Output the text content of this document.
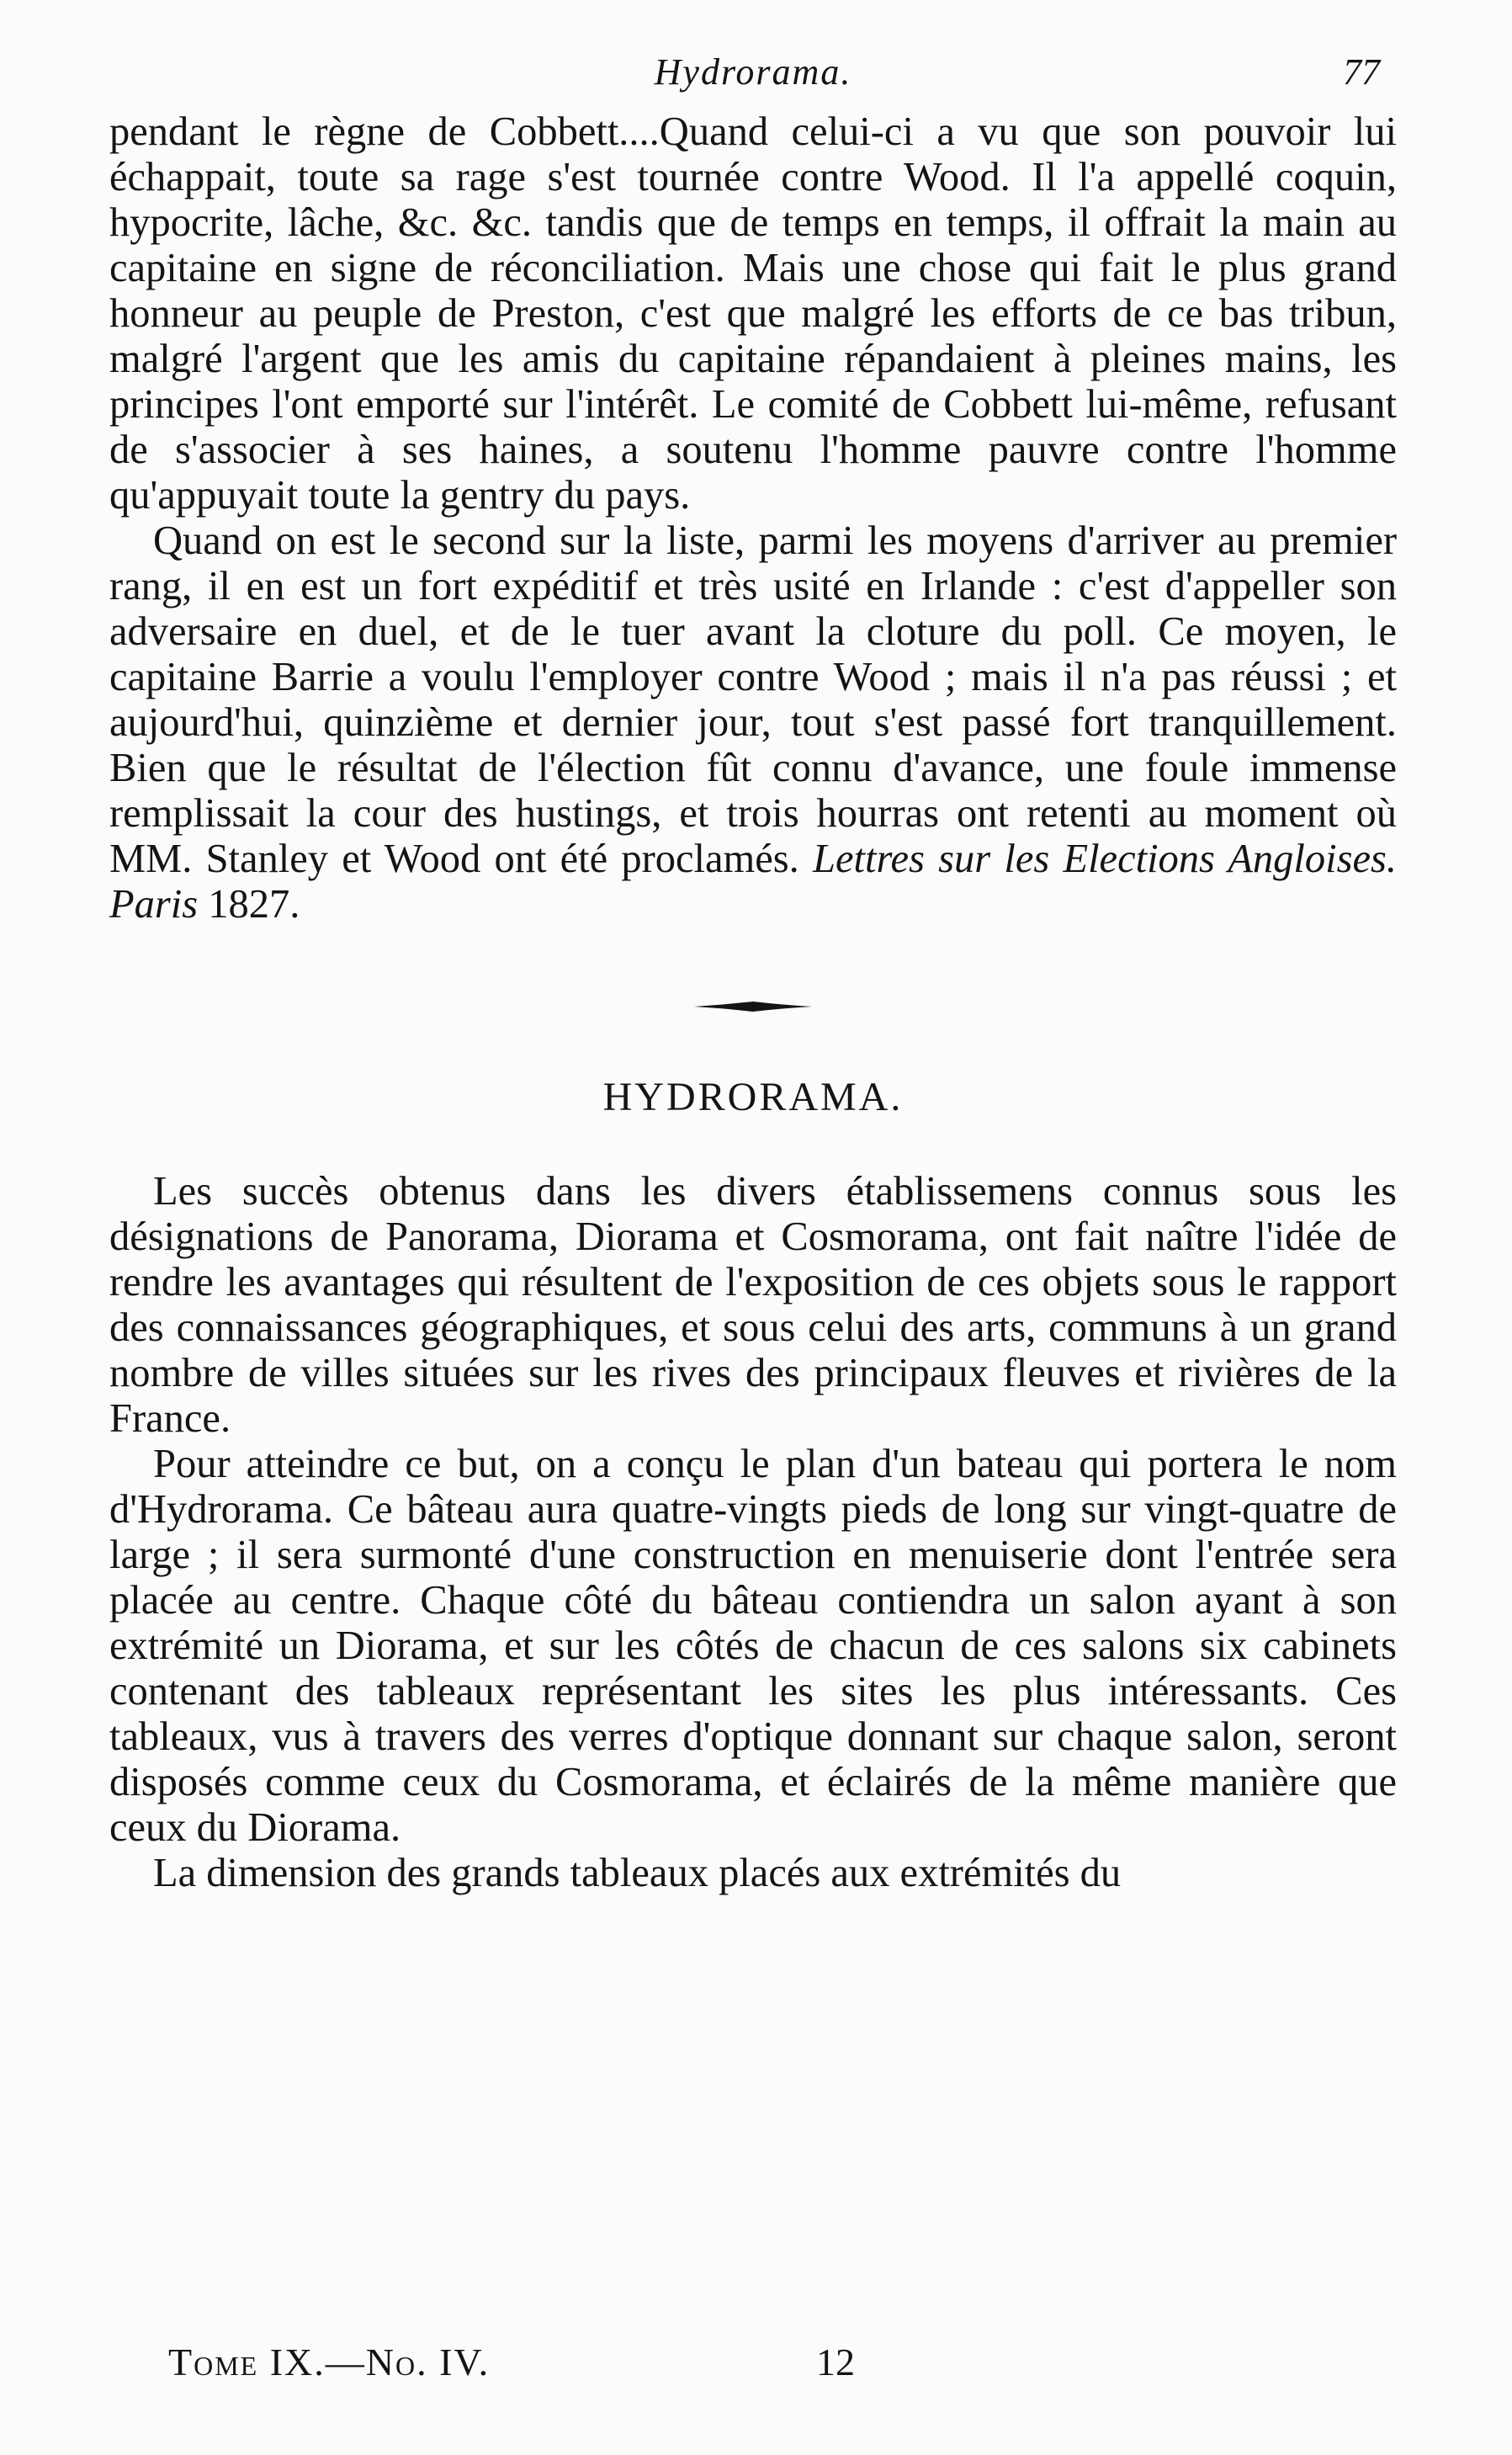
Hydrorama.	77

pendant le règne de Cobbett....Quand celui-ci a vu que son pouvoir lui échappait, toute sa rage s'est tournée contre Wood. Il l'a appellé coquin, hypocrite, lâche, &c. &c. tandis que de temps en temps, il offrait la main au capitaine en signe de réconciliation. Mais une chose qui fait le plus grand honneur au peuple de Preston, c'est que malgré les efforts de ce bas tribun, malgré l'argent que les amis du capitaine répandaient à pleines mains, les principes l'ont emporté sur l'intérêt. Le comité de Cobbett lui-même, refusant de s'associer à ses haines, a soutenu l'homme pauvre contre l'homme qu'appuyait toute la gentry du pays.

Quand on est le second sur la liste, parmi les moyens d'arriver au premier rang, il en est un fort expéditif et très usité en Irlande : c'est d'appeller son adversaire en duel, et de le tuer avant la cloture du poll. Ce moyen, le capitaine Barrie a voulu l'employer contre Wood ; mais il n'a pas réussi ; et aujourd'hui, quinzième et dernier jour, tout s'est passé fort tranquillement. Bien que le résultat de l'élection fût connu d'avance, une foule immense remplissait la cour des hustings, et trois hourras ont retenti au moment où MM. Stanley et Wood ont été proclamés. Lettres sur les Elections Angloises. Paris 1827.

HYDRORAMA.

Les succès obtenus dans les divers établissemens connus sous les désignations de Panorama, Diorama et Cosmorama, ont fait naître l'idée de rendre les avantages qui résultent de l'exposition de ces objets sous le rapport des connaissances géographiques, et sous celui des arts, communs à un grand nombre de villes situées sur les rives des principaux fleuves et rivières de la France.

Pour atteindre ce but, on a conçu le plan d'un bateau qui portera le nom d'Hydrorama. Ce bâteau aura quatre-vingts pieds de long sur vingt-quatre de large ; il sera surmonté d'une construction en menuiserie dont l'entrée sera placée au centre. Chaque côté du bâteau contiendra un salon ayant à son extrémité un Diorama, et sur les côtés de chacun de ces salons six cabinets contenant des tableaux représentant les sites les plus intéressants. Ces tableaux, vus à travers des verres d'optique donnant sur chaque salon, seront disposés comme ceux du Cosmorama, et éclairés de la même manière que ceux du Diorama.

La dimension des grands tableaux placés aux extrémités du

Tome IX.—No. IV.	12
